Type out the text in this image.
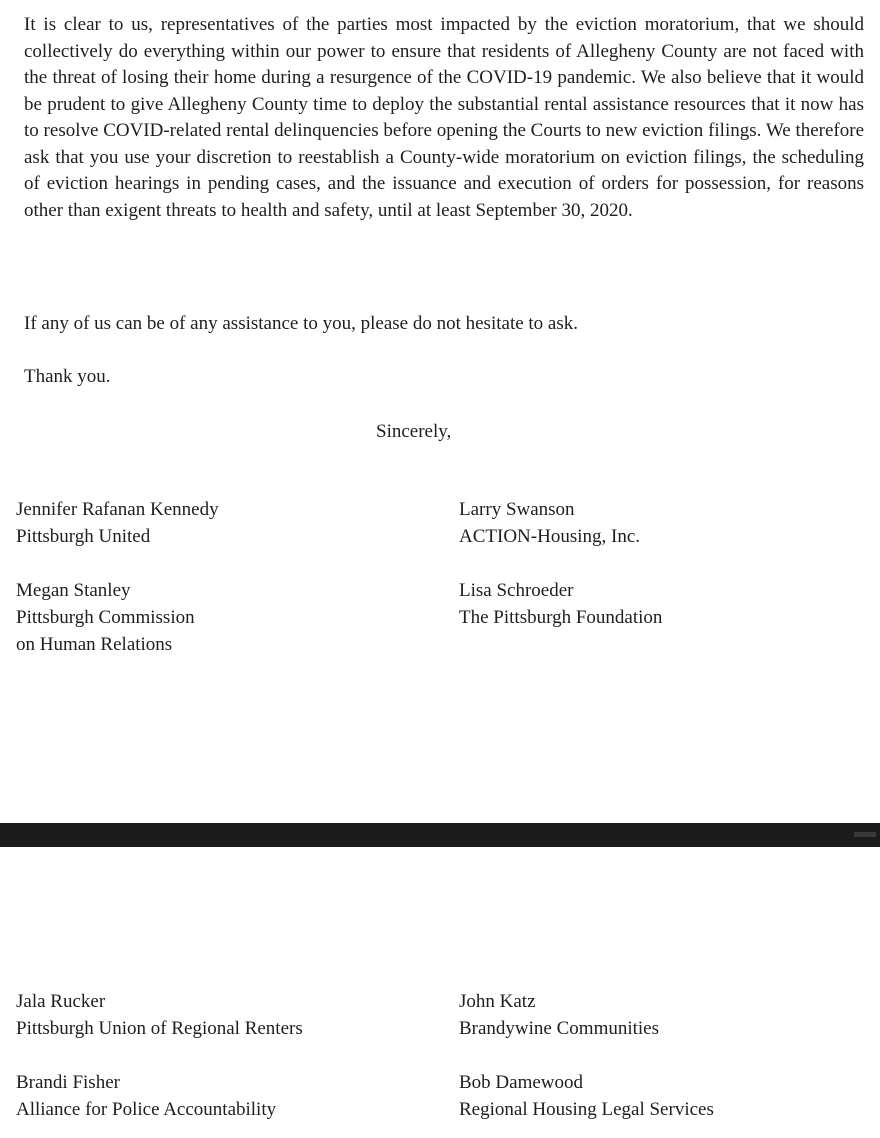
It is clear to us, representatives of the parties most impacted by the eviction moratorium, that we should collectively do everything within our power to ensure that residents of Allegheny County are not faced with the threat of losing their home during a resurgence of the COVID-19 pandemic. We also believe that it would be prudent to give Allegheny County time to deploy the substantial rental assistance resources that it now has to resolve COVID-related rental delinquencies before opening the Courts to new eviction filings. We therefore ask that you use your discretion to reestablish a County-wide moratorium on eviction filings, the scheduling of eviction hearings in pending cases, and the issuance and execution of orders for possession, for reasons other than exigent threats to health and safety, until at least September 30, 2020.

If any of us can be of any assistance to you, please do not hesitate to ask.

Thank you.

Sincerely,

Jennifer Rafanan Kennedy
Pittsburgh United
Larry Swanson
ACTION-Housing, Inc.
Megan Stanley
Pittsburgh Commission
on Human Relations
Lisa Schroeder
The Pittsburgh Foundation
Jala Rucker
Pittsburgh Union of Regional Renters
John Katz
Brandywine Communities
Brandi Fisher
Alliance for Police Accountability
Bob Damewood
Regional Housing Legal Services
